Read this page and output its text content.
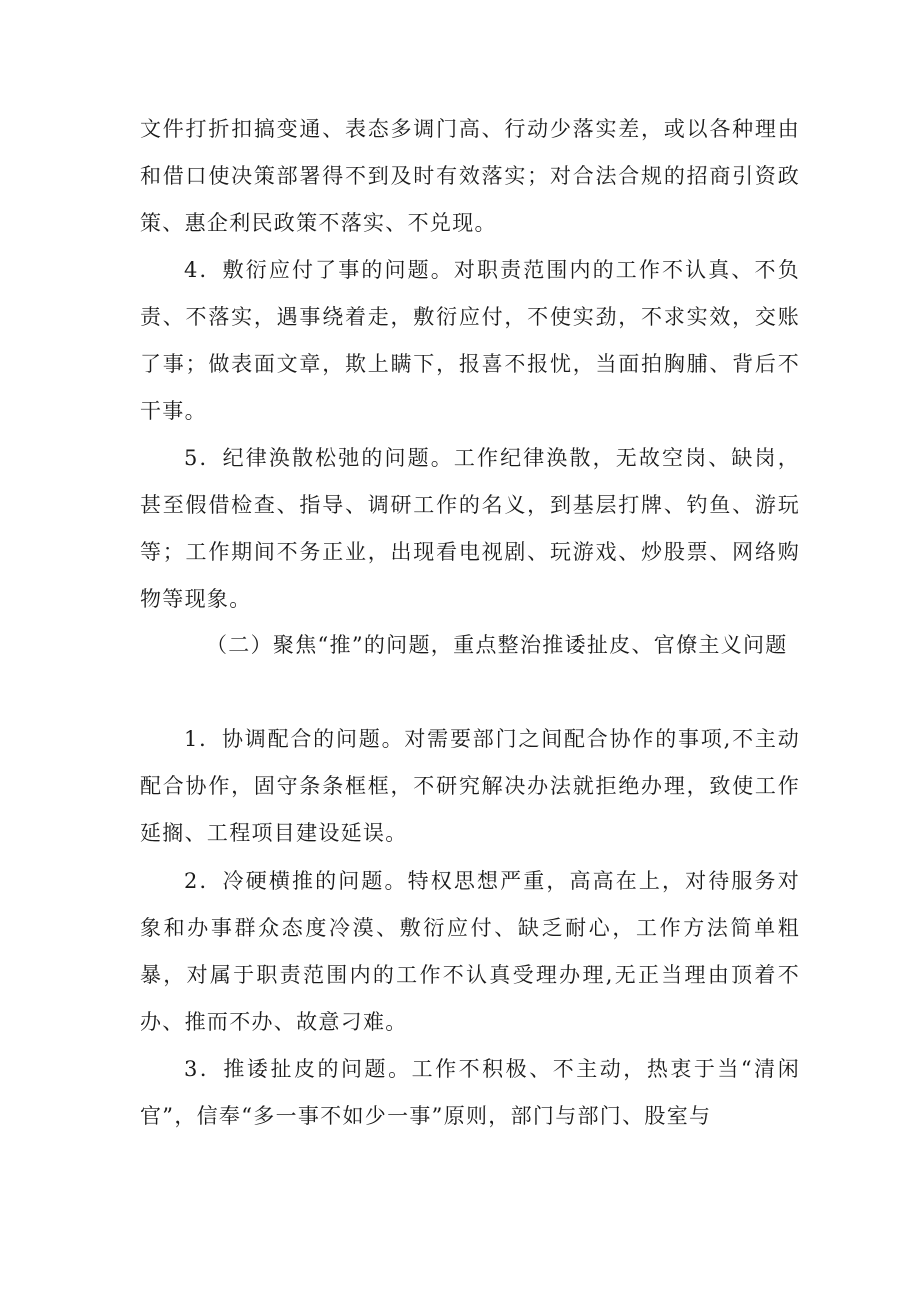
文件打折扣搞变通、表态多调门高、行动少落实差，或以各种理由和借口使决策部署得不到及时有效落实；对合法合规的招商引资政策、惠企利民政策不落实、不兑现。

4．敷衍应付了事的问题。对职责范围内的工作不认真、不负责、不落实，遇事绕着走，敷衍应付，不使实劲，不求实效，交账了事；做表面文章，欺上瞒下，报喜不报忧，当面拍胸脯、背后不干事。

5．纪律涣散松弛的问题。工作纪律涣散，无故空岗、缺岗，甚至假借检查、指导、调研工作的名义，到基层打牌、钓鱼、游玩等；工作期间不务正业，出现看电视剧、玩游戏、炒股票、网络购物等现象。

（二）聚焦“推”的问题，重点整治推诿扯皮、官僚主义问题

1．协调配合的问题。对需要部门之间配合协作的事项,不主动配合协作，固守条条框框，不研究解决办法就拒绝办理，致使工作延搁、工程项目建设延误。

2．冷硬横推的问题。特权思想严重，高高在上，对待服务对象和办事群众态度冷漠、敷衍应付、缺乏耐心，工作方法简单粗暴，对属于职责范围内的工作不认真受理办理,无正当理由顶着不办、推而不办、故意刁难。

3．推诿扯皮的问题。工作不积极、不主动，热衷于当“清闲官”，信奉“多一事不如少一事”原则，部门与部门、股室与
